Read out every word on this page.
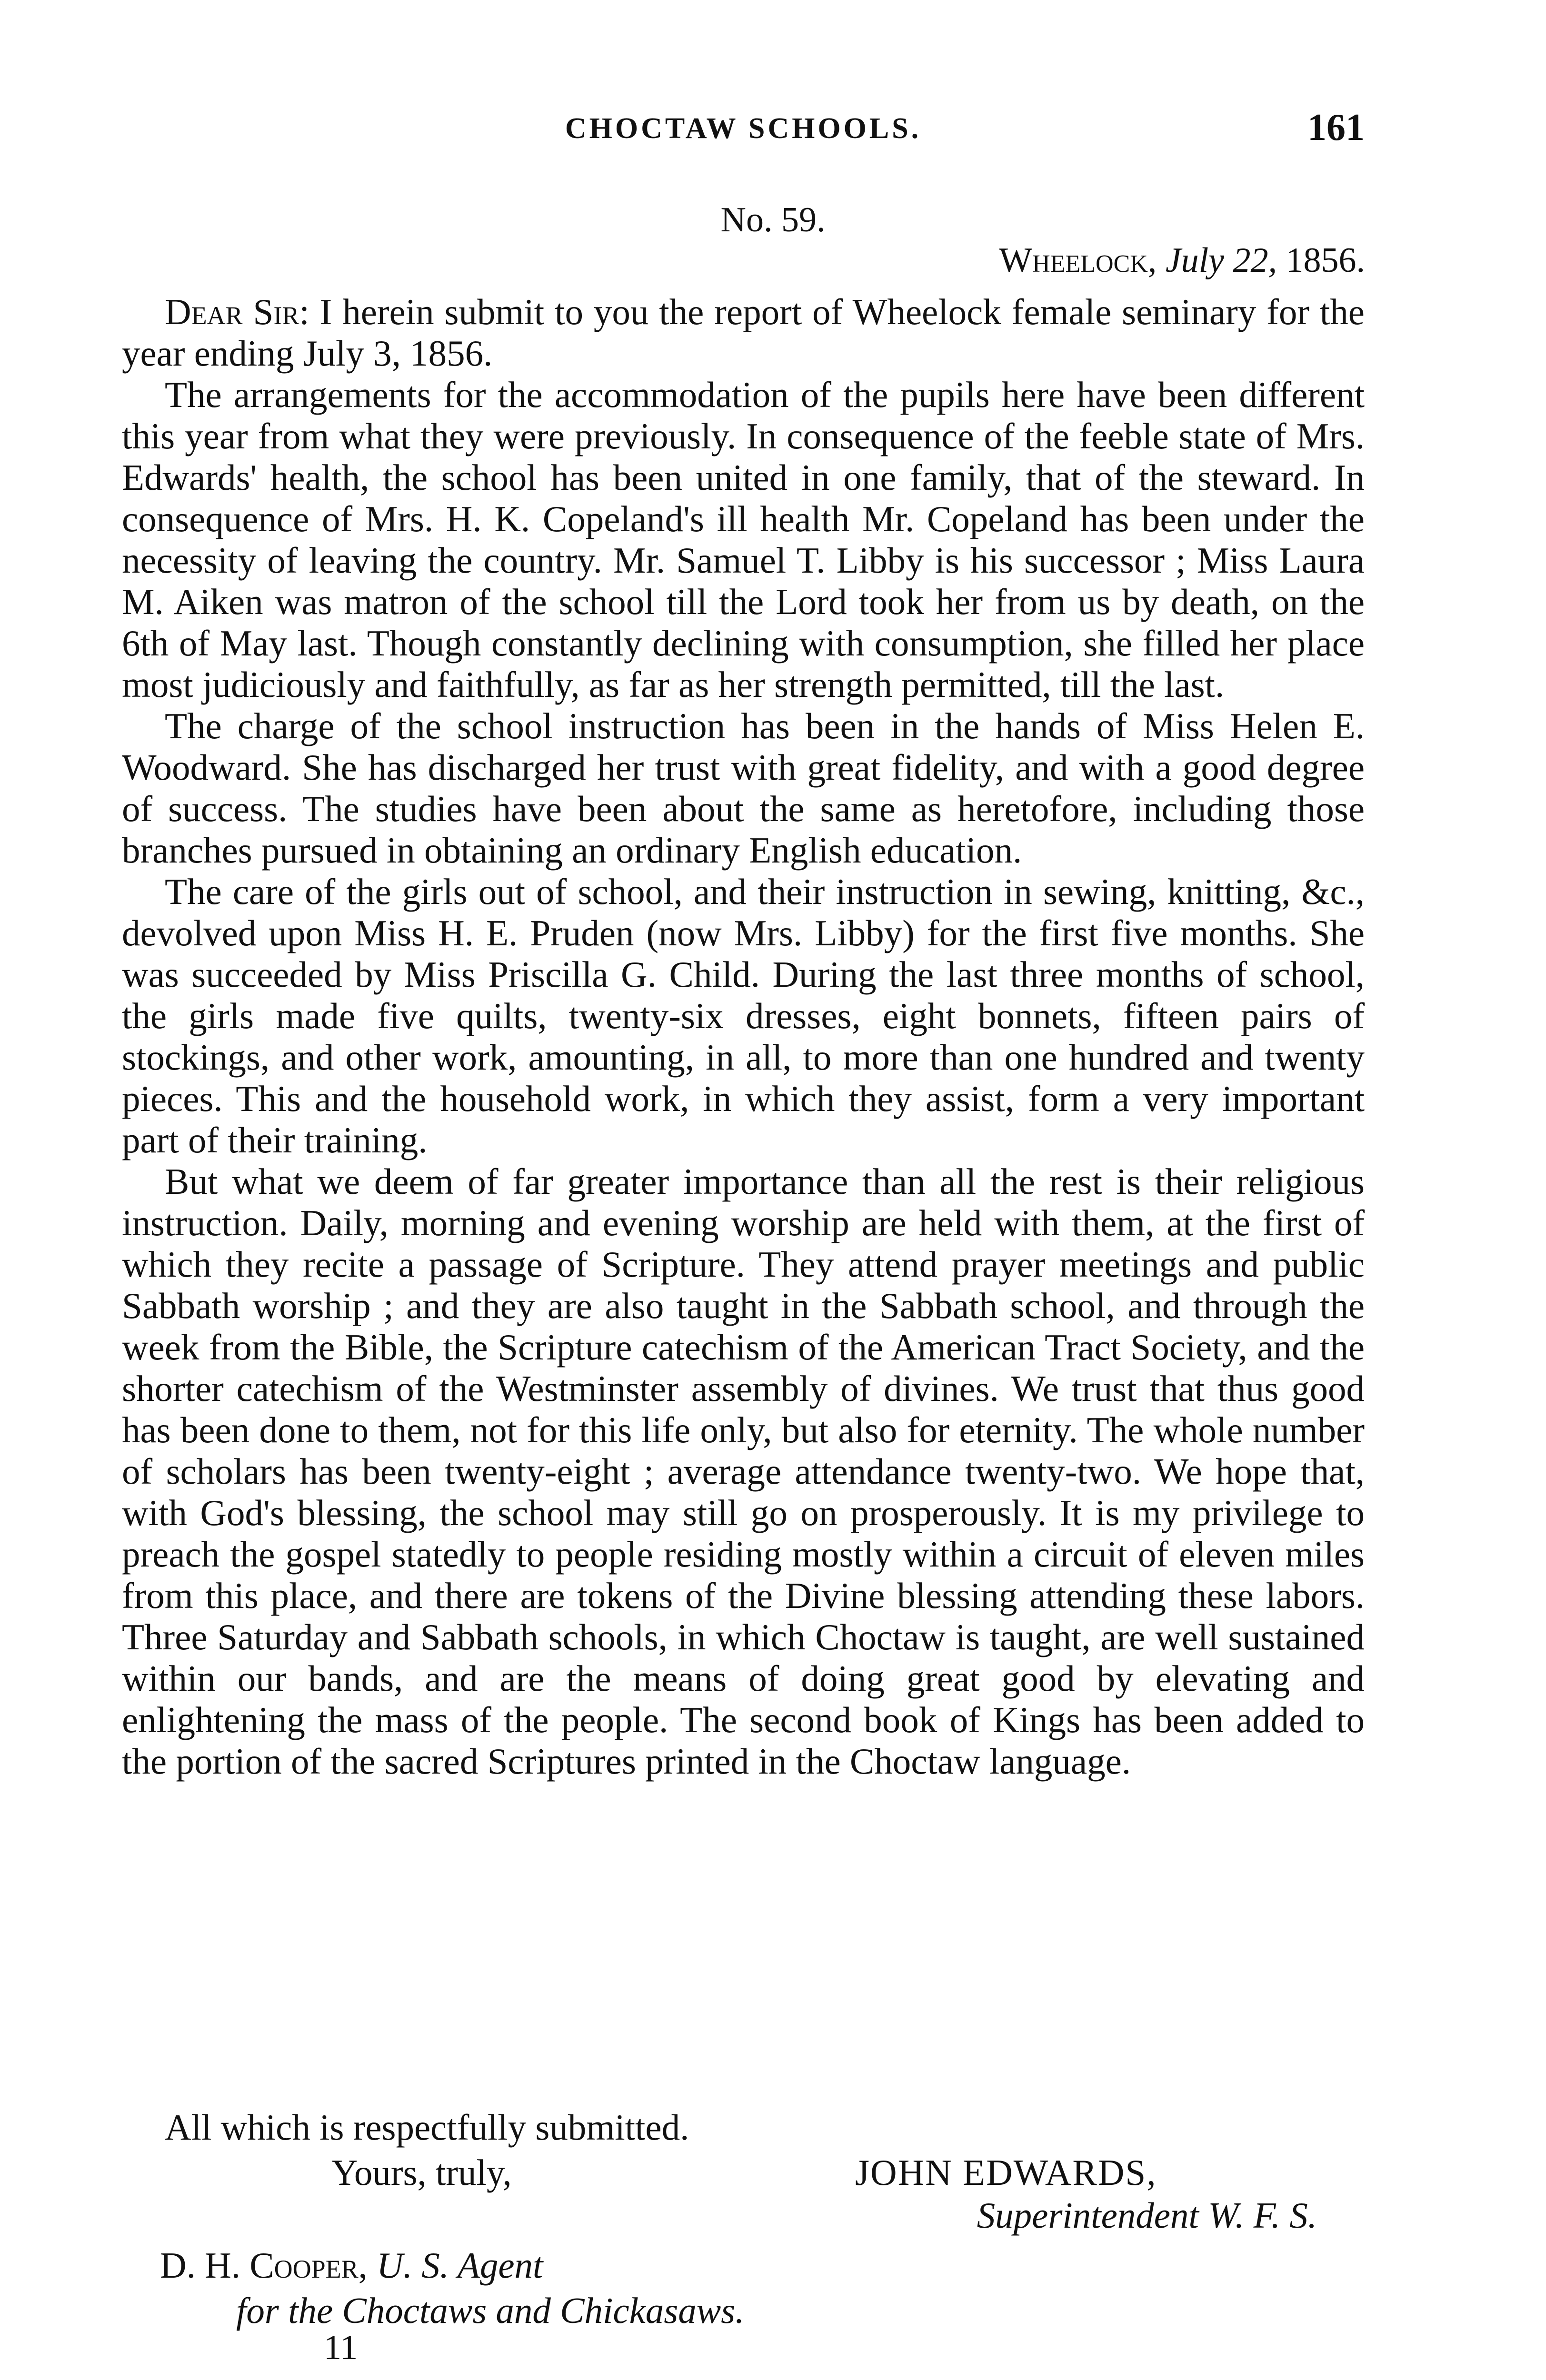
CHOCTAW SCHOOLS.	161
No. 59.
Wheelock, July 22, 1856.

Dear Sir: I herein submit to you the report of Wheelock female seminary for the year ending July 3, 1856.

The arrangements for the accommodation of the pupils here have been different this year from what they were previously. In consequence of the feeble state of Mrs. Edwards' health, the school has been united in one family, that of the steward. In consequence of Mrs. H. K. Copeland's ill health Mr. Copeland has been under the necessity of leaving the country. Mr. Samuel T. Libby is his successor ; Miss Laura M. Aiken was matron of the school till the Lord took her from us by death, on the 6th of May last. Though constantly declining with consumption, she filled her place most judiciously and faithfully, as far as her strength permitted, till the last.

The charge of the school instruction has been in the hands of Miss Helen E. Woodward. She has discharged her trust with great fidelity, and with a good degree of success. The studies have been about the same as heretofore, including those branches pursued in obtaining an ordinary English education.

The care of the girls out of school, and their instruction in sewing, knitting, &c., devolved upon Miss H. E. Pruden (now Mrs. Libby) for the first five months. She was succeeded by Miss Priscilla G. Child. During the last three months of school, the girls made five quilts, twenty-six dresses, eight bonnets, fifteen pairs of stockings, and other work, amounting, in all, to more than one hundred and twenty pieces. This and the household work, in which they assist, form a very important part of their training.

But what we deem of far greater importance than all the rest is their religious instruction. Daily, morning and evening worship are held with them, at the first of which they recite a passage of Scripture. They attend prayer meetings and public Sabbath worship ; and they are also taught in the Sabbath school, and through the week from the Bible, the Scripture catechism of the American Tract Society, and the shorter catechism of the Westminster assembly of divines. We trust that thus good has been done to them, not for this life only, but also for eternity. The whole number of scholars has been twenty-eight ; average attendance twenty-two. We hope that, with God's blessing, the school may still go on prosperously. It is my privilege to preach the gospel statedly to people residing mostly within a circuit of eleven miles from this place, and there are tokens of the Divine blessing attending these labors. Three Saturday and Sabbath schools, in which Choctaw is taught, are well sustained within our bands, and are the means of doing great good by elevating and enlightening the mass of the people. The second book of Kings has been added to the portion of the sacred Scriptures printed in the Choctaw language.

All which is respectfully submitted.
Yours, truly,	JOHN EDWARDS,
Superintendent W. F. S.
D. H. Cooper, U. S. Agent
for the Choctaws and Chickasaws.
11
